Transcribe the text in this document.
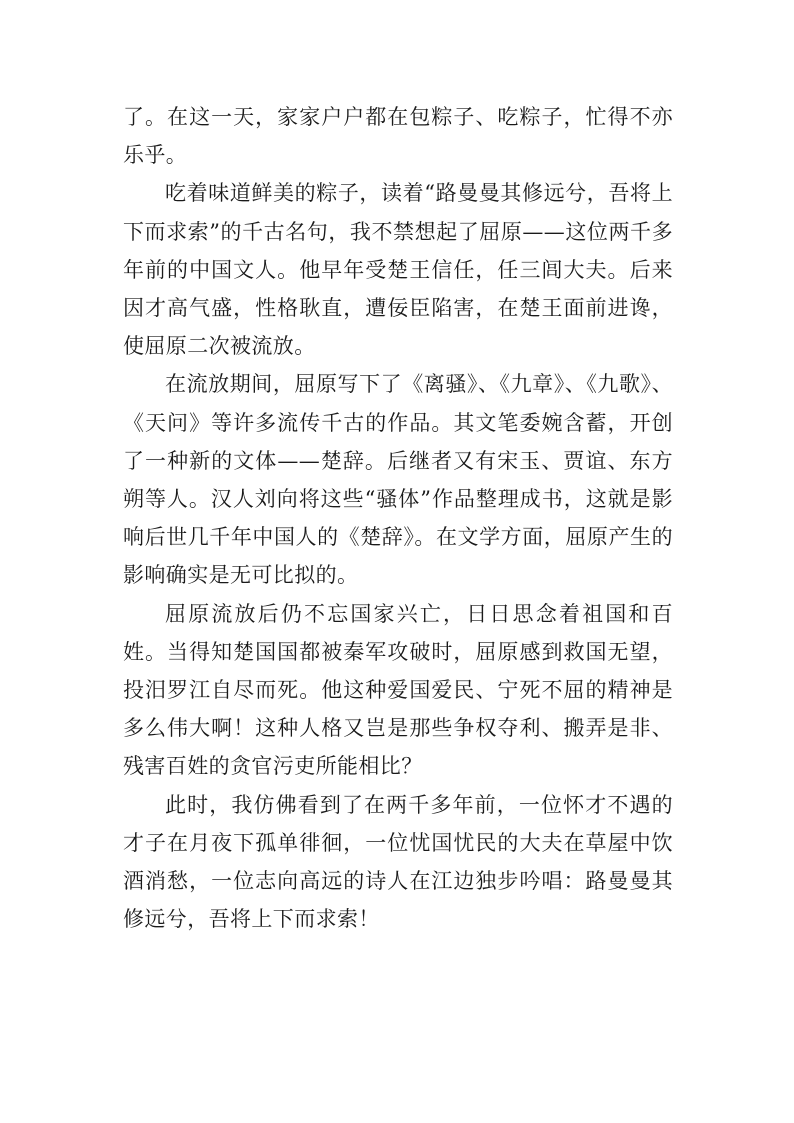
了。在这一天，家家户户都在包粽子、吃粽子，忙得不亦乐乎。

吃着味道鲜美的粽子，读着“路曼曼其修远兮，吾将上下而求索”的千古名句，我不禁想起了屈原——这位两千多年前的中国文人。他早年受楚王信任，任三闾大夫。后来因才高气盛，性格耿直，遭佞臣陷害，在楚王面前进谗，使屈原二次被流放。

在流放期间，屈原写下了《离骚》、《九章》、《九歌》、《天问》等许多流传千古的作品。其文笔委婉含蓄，开创了一种新的文体——楚辞。后继者又有宋玉、贾谊、东方朔等人。汉人刘向将这些“骚体”作品整理成书，这就是影响后世几千年中国人的《楚辞》。在文学方面，屈原产生的影响确实是无可比拟的。

屈原流放后仍不忘国家兴亡，日日思念着祖国和百姓。当得知楚国国都被秦军攻破时，屈原感到救国无望，投汨罗江自尽而死。他这种爱国爱民、宁死不屈的精神是多么伟大啊！这种人格又岂是那些争权夺利、搬弄是非、残害百姓的贪官污吏所能相比？

此时，我仿佛看到了在两千多年前，一位怀才不遇的才子在月夜下孤单徘徊，一位忧国忧民的大夫在草屋中饮酒消愁，一位志向高远的诗人在江边独步吟唱：路曼曼其修远兮，吾将上下而求索！
